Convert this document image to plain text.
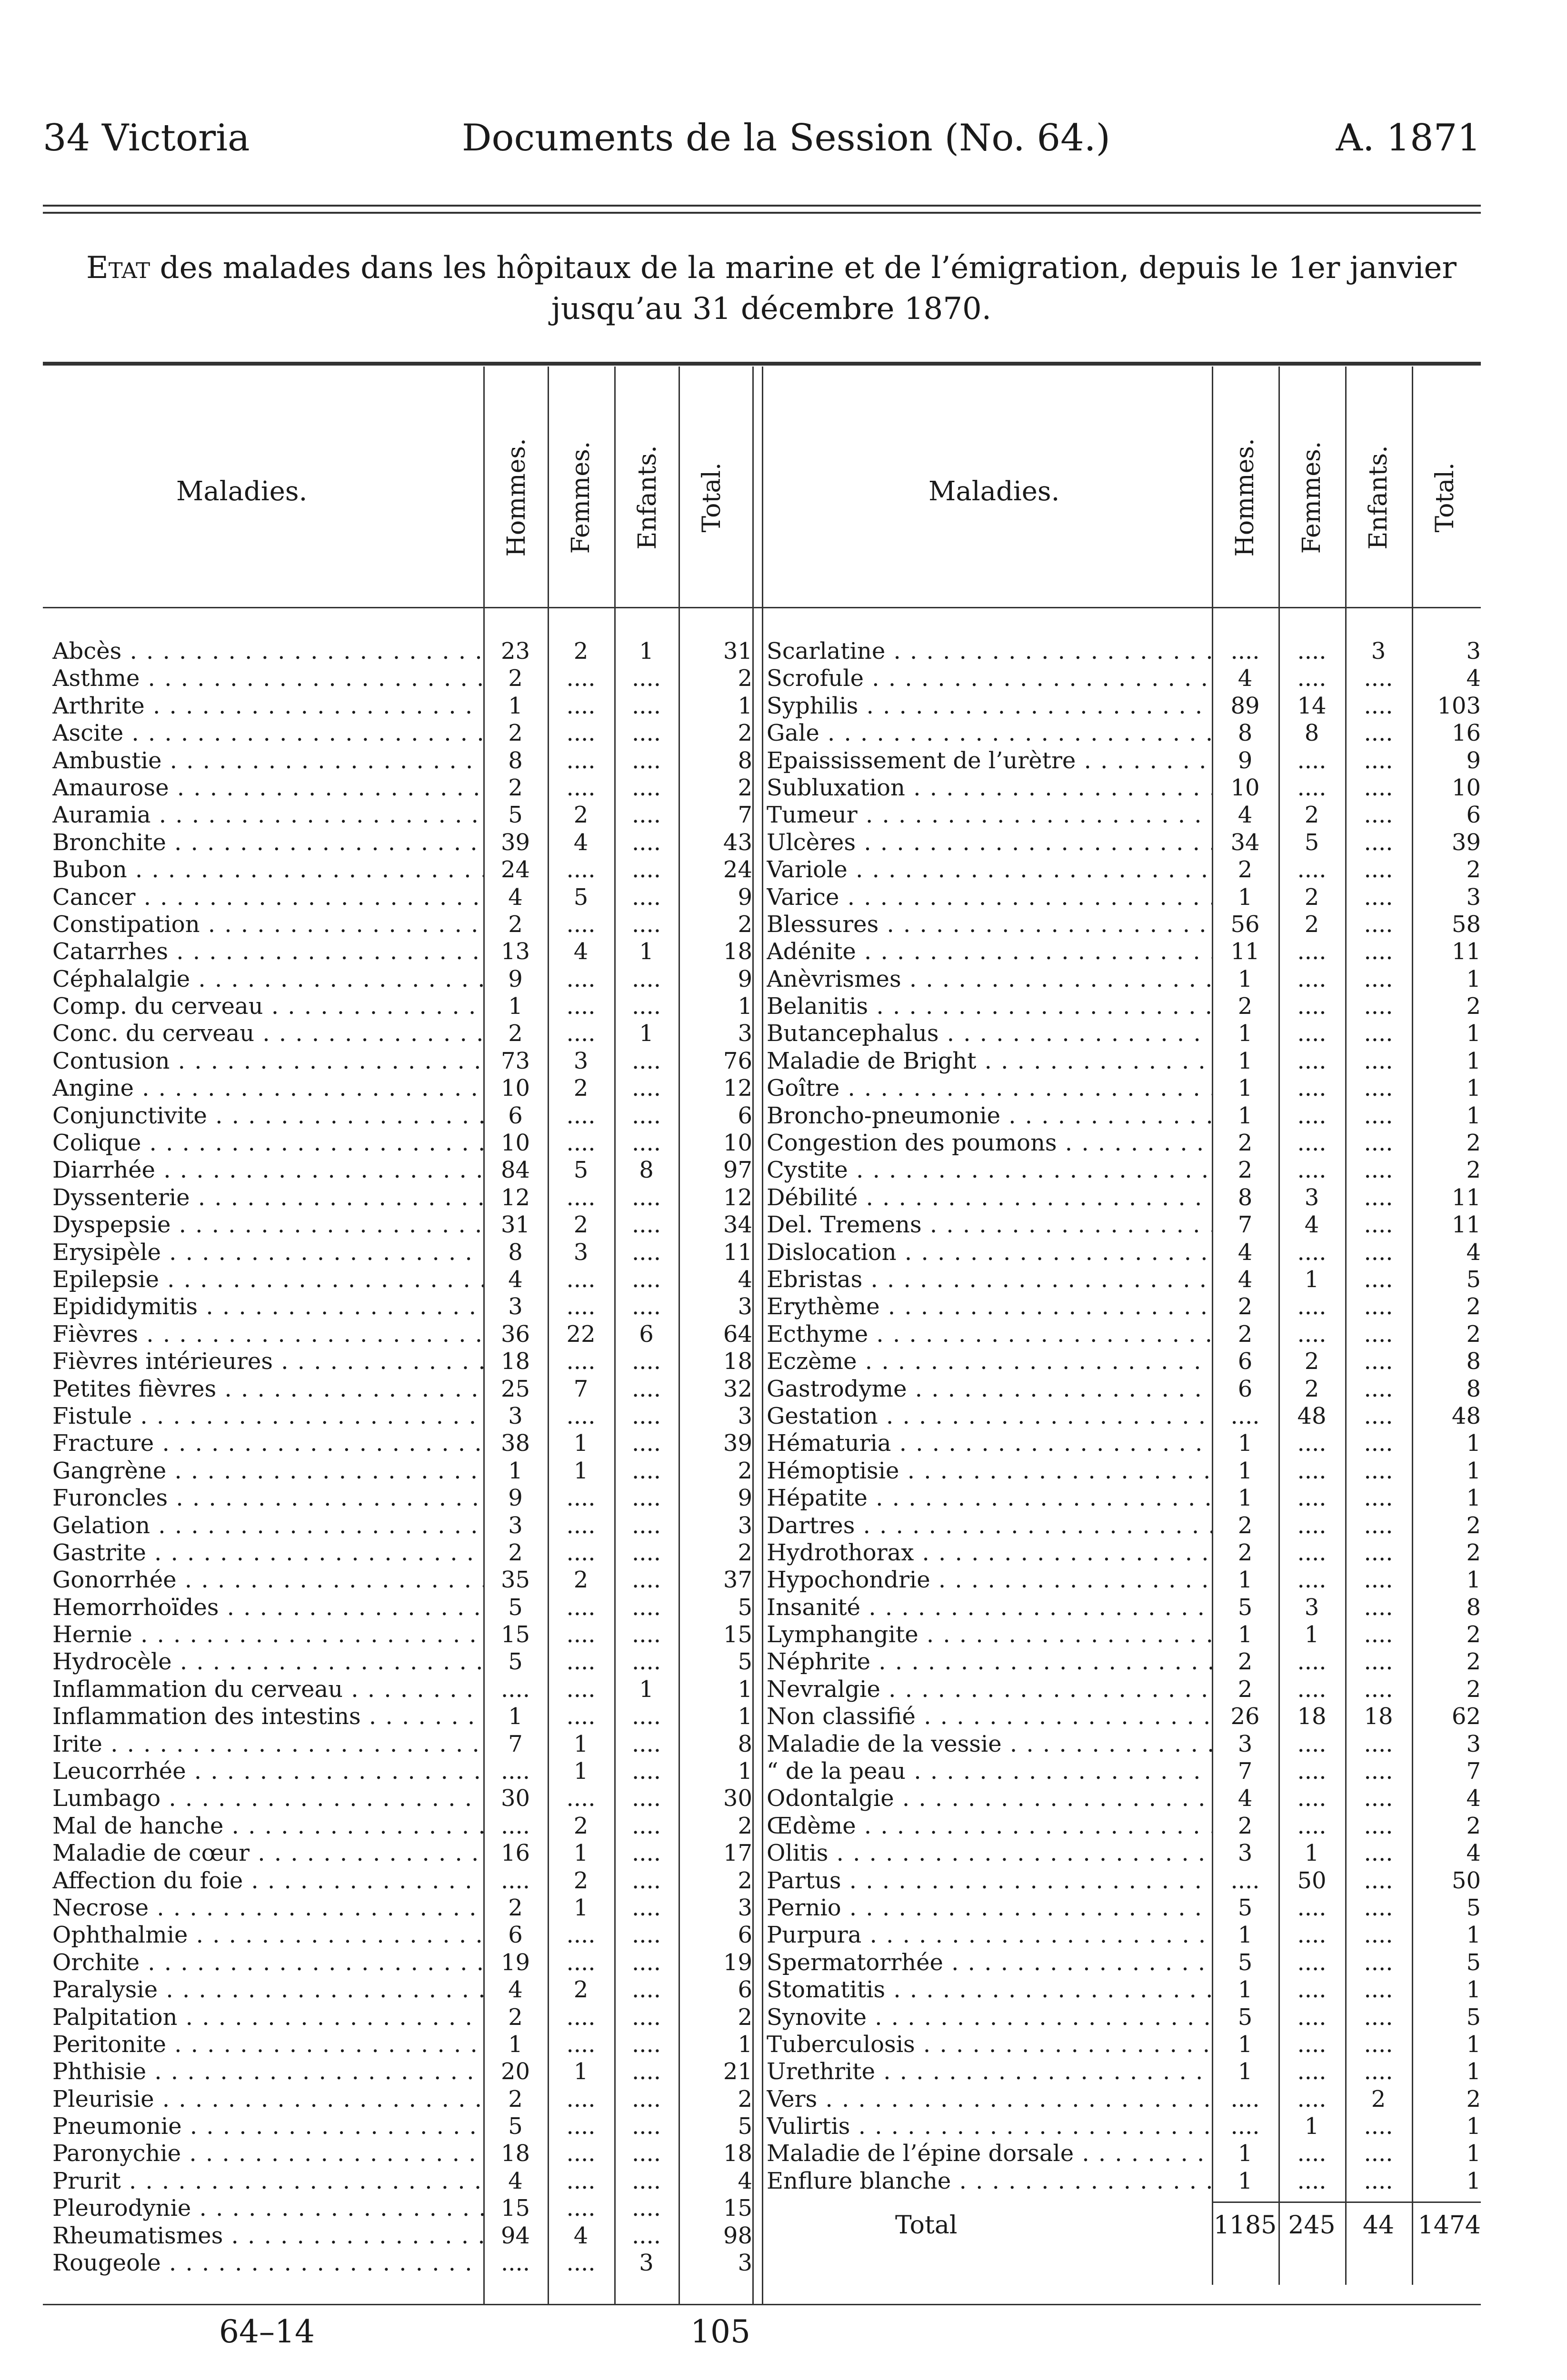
34 Victoria	Documents de la Session (No. 64.)	A. 1871
Etat des malades dans les hôpitaux de la marine et de l’émigration, depuis le 1er janvier jusqu’au 31 décembre 1870.
Maladies.	Hommes. Femmes. Enfants. Total.	Maladies.	Hommes. Femmes. Enfants. Total.
Abcès . . .	23	2	1	31
Asthme . . .	2	....	....	2
Arthrite . . .	1	....	....	1
Ascite . . .	2	....	....	2
Ambustie . . .	8	....	....	8
Amaurose . . .	2	....	....	2
Auramia . . .	5	2	....	7
Bronchite . . .	39	4	....	43
Bubon . . .	24	....	....	24
Cancer . . .	4	5	....	9
Constipation . . .	2	....	....	2
Catarrhes . . .	13	4	1	18
Céphalalgie . . .	9	....	....	9
Comp. du cerveau . . .	1	....	....	1
Conc. du cerveau . . .	2	....	1	3
Contusion . . .	73	3	....	76
Angine . . .	10	2	....	12
Conjunctivite . . .	6	....	....	6
Colique . . .	10	....	....	10
Diarrhée . . .	84	5	8	97
Dyssenterie . . .	12	....	....	12
Dyspepsie . . .	31	2	....	34
Erysipèle . . .	8	3	....	11
Epilepsie . . .	4	....	....	4
Epididymitis . . .	3	....	....	3
Fièvres . . .	36	22	6	64
Fièvres intérieures . . .	18	....	....	18
Petites fièvres . . .	25	7	....	32
Fistule . . .	3	....	....	3
Fracture . . .	38	1	....	39
Gangrène . . .	1	1	....	2
Furoncles . . .	9	....	....	9
Gelation . . .	3	....	....	3
Gastrite . . .	2	....	....	2
Gonorrhée . . .	35	2	....	37
Hemorrhoïdes . . .	5	....	....	5
Hernie . . .	15	....	....	15
Hydrocèle . . .	5	....	....	5
Inflammation du cerveau . . .	....	....	1	1
Inflammation des intestins . . .	1	....	....	1
Irite . . .	7	1	....	8
Leucorrhée . . .	....	1	....	1
Lumbago . . .	30	....	....	30
Mal de hanche . . .	....	2	....	2
Maladie de cœur . . .	16	1	....	17
Affection du foie . . .	....	2	....	2
Necrose . . .	2	1	....	3
Ophthalmie . . .	6	....	....	6
Orchite . . .	19	....	....	19
Paralysie . . .	4	2	....	6
Palpitation . . .	2	....	....	2
Peritonite . . .	1	....	....	1
Phthisie . . .	20	1	....	21
Pleurisie . . .	2	....	....	2
Pneumonie . . .	5	....	....	5
Paronychie . . .	18	....	....	18
Prurit . . .	4	....	....	4
Pleurodynie . . .	15	....	....	15
Rheumatismes . . .	94	4	....	98
Rougeole . . .	....	....	3	3
Scarlatine . . .	....	....	3	3
Scrofule . . .	4	....	....	4
Syphilis . . .	89	14	....	103
Gale . . .	8	8	....	16
Epaississement de l’urètre . . .	9	....	....	9
Subluxation . . .	10	....	....	10
Tumeur . . .	4	2	....	6
Ulcères . . .	34	5	....	39
Variole . . .	2	....	....	2
Varice . . .	1	2	....	3
Blessures . . .	56	2	....	58
Adénite . . .	11	....	....	11
Anèvrismes . . .	1	....	....	1
Belanitis . . .	2	....	....	2
Butancephalus . . .	1	....	....	1
Maladie de Bright . . .	1	....	....	1
Goître . . .	1	....	....	1
Broncho-pneumonie . . .	1	....	....	1
Congestion des poumons . . .	2	....	....	2
Cystite . . .	2	....	....	2
Débilité . . .	8	3	....	11
Del. Tremens . . .	7	4	....	11
Dislocation . . .	4	....	....	4
Ebristas . . .	4	1	....	5
Erythème . . .	2	....	....	2
Ecthyme . . .	2	....	....	2
Eczème . . .	6	2	....	8
Gastrodyme . . .	6	2	....	8
Gestation . . .	....	48	....	48
Hématuria . . .	1	....	....	1
Hémoptisie . . .	1	....	....	1
Hépatite . . .	1	....	....	1
Dartres . . .	2	....	....	2
Hydrothorax . . .	2	....	....	2
Hypochondrie . . .	1	....	....	1
Insanité . . .	5	3	....	8
Lymphangite . . .	1	1	....	2
Néphrite . . .	2	....	....	2
Nevralgie . . .	2	....	....	2
Non classifié . . .	26	18	18	62
Maladie de la vessie . . .	3	....	....	3
“ de la peau . . .	7	....	....	7
Odontalgie . . .	4	....	....	4
Œdème . . .	2	....	....	2
Olitis . . .	3	1	....	4
Partus . . .	....	50	....	50
Pernio . . .	5	....	....	5
Purpura . . .	1	....	....	1
Spermatorrhée . . .	5	....	....	5
Stomatitis . . .	1	....	....	1
Synovite . . .	5	....	....	5
Tuberculosis . . .	1	....	....	1
Urethrite . . .	1	....	....	1
Vers . . .	....	....	2	2
Vulirtis . . .	....	1	....	1
Maladie de l’épine dorsale . . .	1	....	....	1
Enflure blanche . . .	1	....	....	1
Total	1185 245	44 1474
64–14	105
